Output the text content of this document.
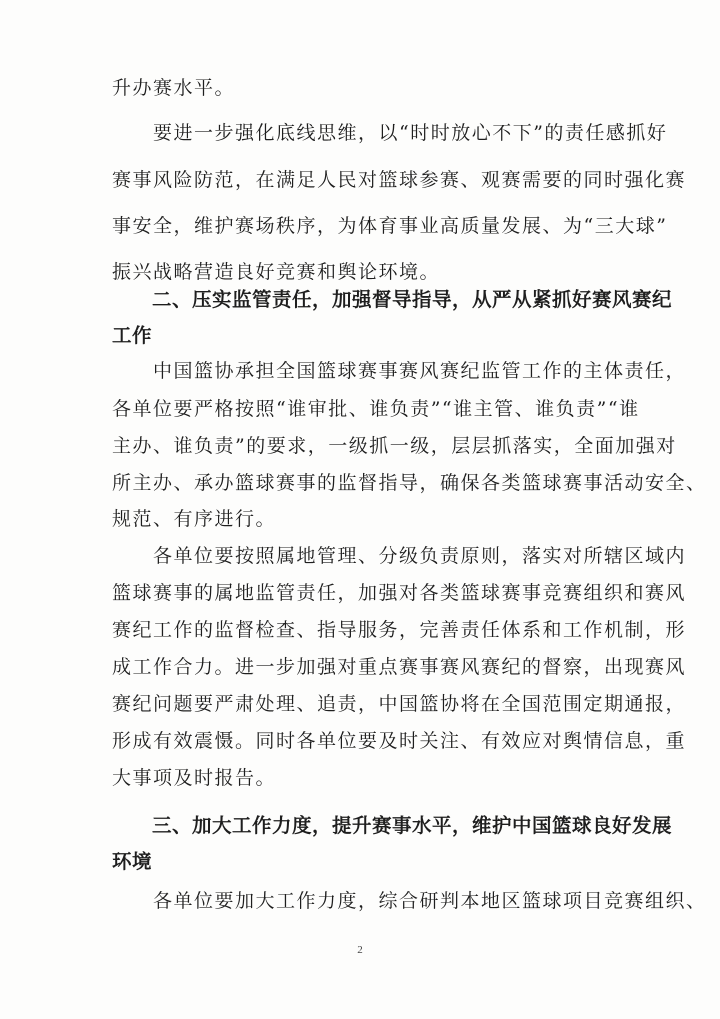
升办赛水平。
　　要进一步强化底线思维，以“时时放心不下”的责任感抓好
赛事风险防范，在满足人民对篮球参赛、观赛需要的同时强化赛
事安全，维护赛场秩序，为体育事业高质量发展、为“三大球”
振兴战略营造良好竞赛和舆论环境。
　　二、压实监管责任，加强督导指导，从严从紧抓好赛风赛纪
工作
　　中国篮协承担全国篮球赛事赛风赛纪监管工作的主体责任，
各单位要严格按照“谁审批、谁负责”“谁主管、谁负责”“谁
主办、谁负责”的要求，一级抓一级，层层抓落实，全面加强对
所主办、承办篮球赛事的监督指导，确保各类篮球赛事活动安全、
规范、有序进行。
　　各单位要按照属地管理、分级负责原则，落实对所辖区域内
篮球赛事的属地监管责任，加强对各类篮球赛事竞赛组织和赛风
赛纪工作的监督检查、指导服务，完善责任体系和工作机制，形
成工作合力。进一步加强对重点赛事赛风赛纪的督察，出现赛风
赛纪问题要严肃处理、追责，中国篮协将在全国范围定期通报，
形成有效震慑。同时各单位要及时关注、有效应对舆情信息，重
大事项及时报告。
　　三、加大工作力度，提升赛事水平，维护中国篮球良好发展
环境
　　各单位要加大工作力度，综合研判本地区篮球项目竞赛组织、
2
